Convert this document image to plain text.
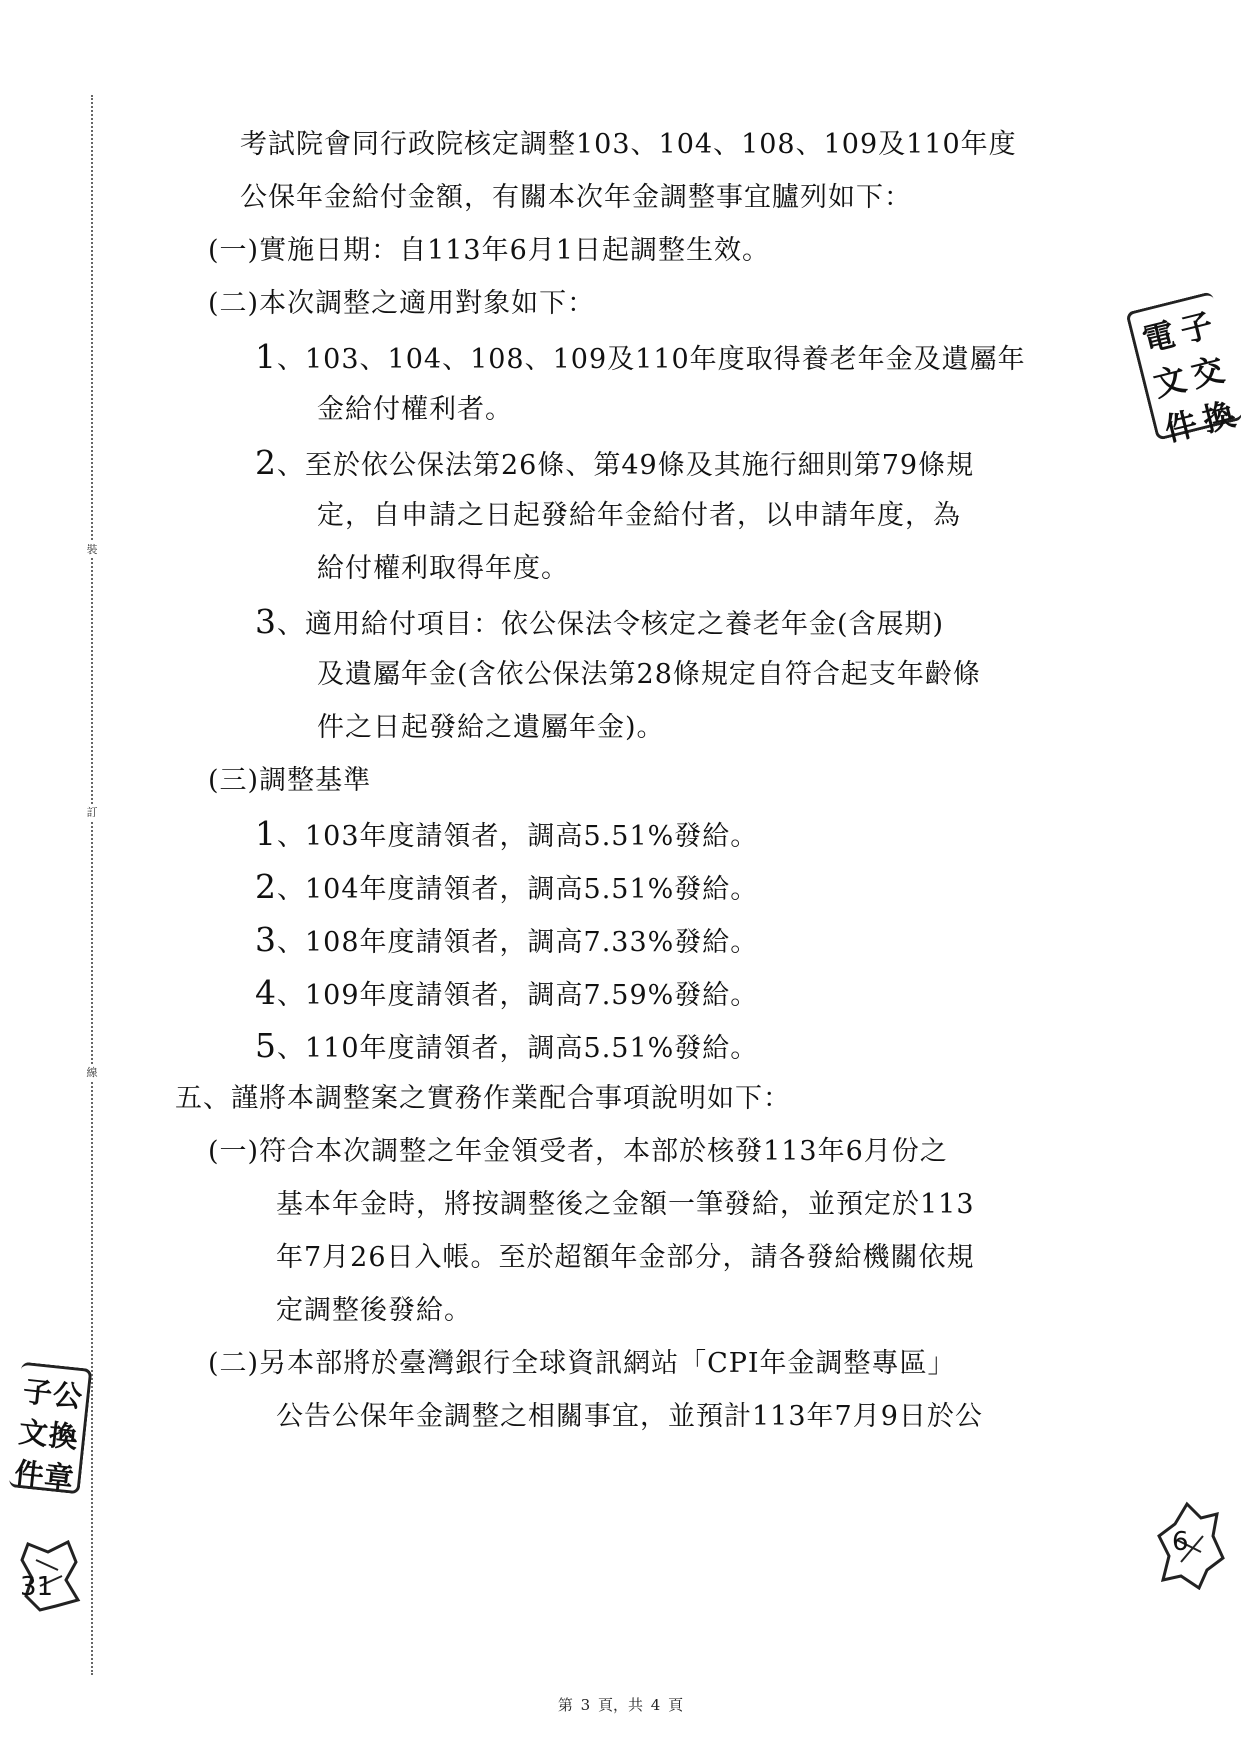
裝
訂
線
考試院會同行政院核定調整103、104、108、109及110年度
公保年金給付金額，有關本次年金調整事宜臚列如下：
(一)實施日期：自113年6月1日起調整生效。
(二)本次調整之適用對象如下：
1、103、104、108、109及110年度取得養老年金及遺屬年
金給付權利者。
2、至於依公保法第26條、第49條及其施行細則第79條規
定，自申請之日起發給年金給付者，以申請年度，為
給付權利取得年度。
3、適用給付項目：依公保法令核定之養老年金(含展期)
及遺屬年金(含依公保法第28條規定自符合起支年齡條
件之日起發給之遺屬年金)。
(三)調整基準
1、103年度請領者，調高5.51%發給。
2、104年度請領者，調高5.51%發給。
3、108年度請領者，調高7.33%發給。
4、109年度請領者，調高7.59%發給。
5、110年度請領者，調高5.51%發給。
五、謹將本調整案之實務作業配合事項說明如下：
(一)符合本次調整之年金領受者，本部於核發113年6月份之
基本年金時，將按調整後之金額一筆發給，並預定於113
年7月26日入帳。至於超額年金部分，請各發給機關依規
定調整後發給。
(二)另本部將於臺灣銀行全球資訊網站「CPI年金調整專區」
公告公保年金調整之相關事宜，並預計113年7月9日於公
電
子
文
交
件
換
子
公
文
換
件
章
31
6
第 3 頁，共 4 頁
